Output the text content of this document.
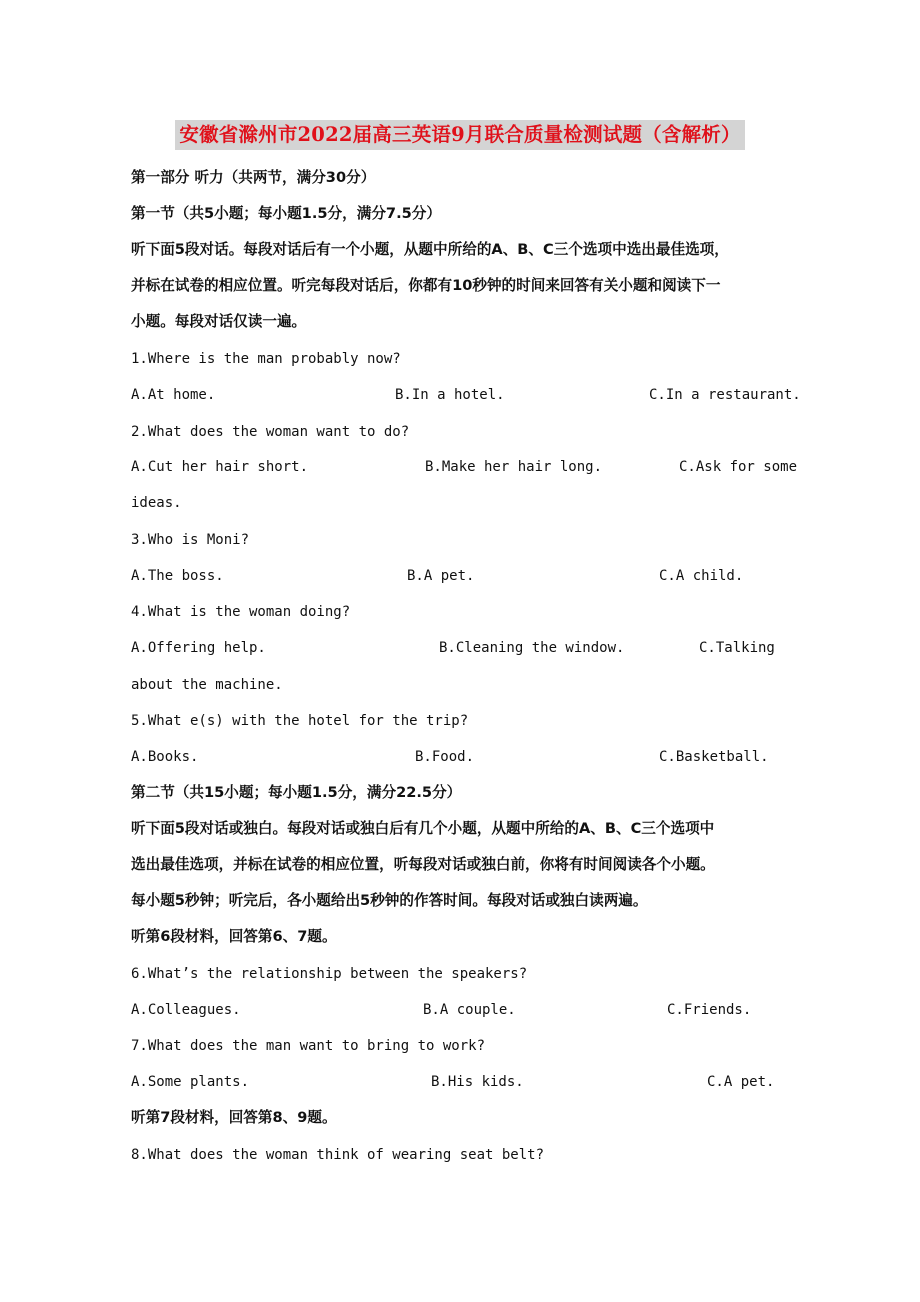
安徽省滁州市2022届高三英语9月联合质量检测试题（含解析）
第一部分 听力（共两节，满分30分）
第一节（共5小题；每小题1.5分，满分7.5分）
听下面5段对话。每段对话后有一个小题，从题中所给的A、B、C三个选项中选出最佳选项，
并标在试卷的相应位置。听完每段对话后，你都有10秒钟的时间来回答有关小题和阅读下一
小题。每段对话仅读一遍。
1.Where is the man probably now?
A.At home.	B.In a hotel.	C.In a restaurant.
2.What does the woman want to do?
A.Cut her hair short.	B.Make her hair long.	C.Ask for some
ideas.
3.Who is Moni?
A.The boss.	B.A pet.	C.A child.
4.What is the woman doing?
A.Offering help.	B.Cleaning the window.	C.Talking
about the machine.
5.What e(s) with the hotel for the trip?
A.Books.	B.Food.	C.Basketball.
第二节（共15小题；每小题1.5分，满分22.5分）
听下面5段对话或独白。每段对话或独白后有几个小题，从题中所给的A、B、C三个选项中
选出最佳选项，并标在试卷的相应位置，听每段对话或独白前，你将有时间阅读各个小题。
每小题5秒钟；听完后，各小题给出5秒钟的作答时间。每段对话或独白读两遍。
听第6段材料，回答第6、7题。
6.What’s the relationship between the speakers?
A.Colleagues.	B.A couple.	C.Friends.
7.What does the man want to bring to work?
A.Some plants.	B.His kids.	C.A pet.
听第7段材料，回答第8、9题。
8.What does the woman think of wearing seat belt?
